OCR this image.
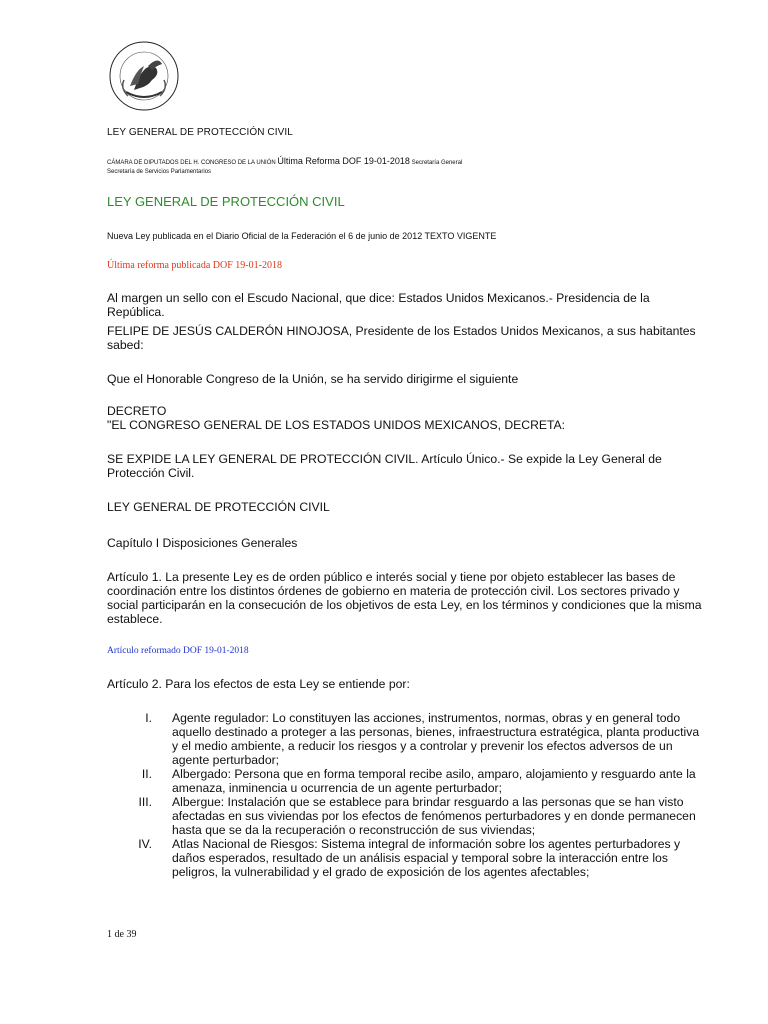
LEY GENERAL DE PROTECCIÓN CIVIL
CÁMARA DE DIPUTADOS DEL H. CONGRESO DE LA UNIÓN Última Reforma DOF 19-01-2018 Secretaría General
Secretaría de Servicios Parlamentarios
LEY GENERAL DE PROTECCIÓN CIVIL
Nueva Ley publicada en el Diario Oficial de la Federación el 6 de junio de 2012 TEXTO VIGENTE
Última reforma publicada DOF 19-01-2018
Al margen un sello con el Escudo Nacional, que dice: Estados Unidos Mexicanos.- Presidencia de la República.
FELIPE DE JESÚS CALDERÓN HINOJOSA, Presidente de los Estados Unidos Mexicanos, a sus habitantes sabed:
Que el Honorable Congreso de la Unión, se ha servido dirigirme el siguiente
DECRETO
"EL CONGRESO GENERAL DE LOS ESTADOS UNIDOS MEXICANOS, DECRETA:
SE EXPIDE LA LEY GENERAL DE PROTECCIÓN CIVIL. Artículo Único.- Se expide la Ley General de Protección Civil.
LEY GENERAL DE PROTECCIÓN CIVIL
Capítulo I Disposiciones Generales
Artículo 1. La presente Ley es de orden público e interés social y tiene por objeto establecer las bases de coordinación entre los distintos órdenes de gobierno en materia de protección civil. Los sectores privado y social participarán en la consecución de los objetivos de esta Ley, en los términos y condiciones que la misma establece.
Artículo reformado DOF 19-01-2018
Artículo 2. Para los efectos de esta Ley se entiende por:
I.	Agente regulador: Lo constituyen las acciones, instrumentos, normas, obras y en general todo aquello destinado a proteger a las personas, bienes, infraestructura estratégica, planta productiva y el medio ambiente, a reducir los riesgos y a controlar y prevenir los efectos adversos de un agente perturbador;
II.	Albergado: Persona que en forma temporal recibe asilo, amparo, alojamiento y resguardo ante la amenaza, inminencia u ocurrencia de un agente perturbador;
III.	Albergue: Instalación que se establece para brindar resguardo a las personas que se han visto afectadas en sus viviendas por los efectos de fenómenos perturbadores y en donde permanecen hasta que se da la recuperación o reconstrucción de sus viviendas;
IV.	Atlas Nacional de Riesgos: Sistema integral de información sobre los agentes perturbadores y daños esperados, resultado de un análisis espacial y temporal sobre la interacción entre los peligros, la vulnerabilidad y el grado de exposición de los agentes afectables;
1 de 39
